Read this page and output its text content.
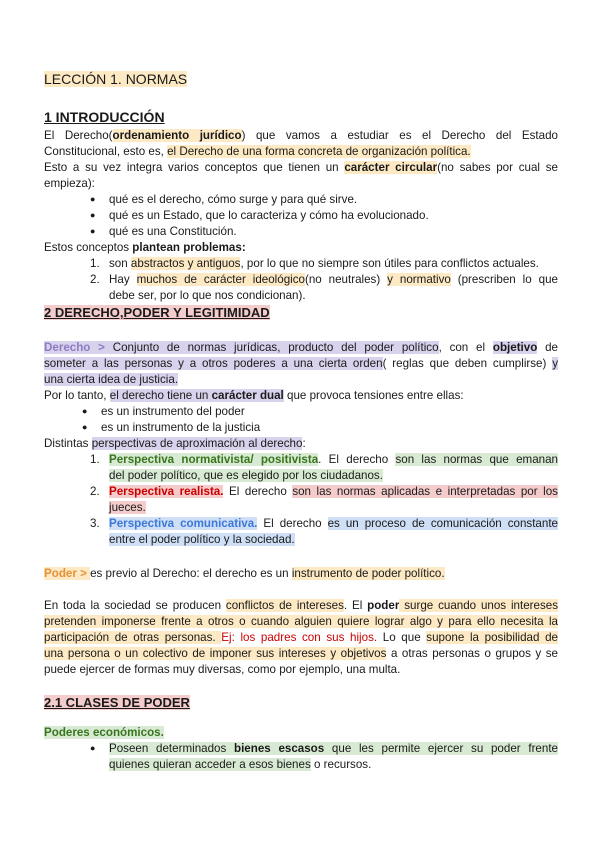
LECCIÓN 1. NORMAS
1 INTRODUCCIÓN
El Derecho(ordenamiento jurídico) que vamos a estudiar es el Derecho del Estado
Constitucional, esto es, el Derecho de una forma concreta de organización política.
Esto a su vez integra varios conceptos que tienen un carácter circular(no sabes por cual se
empieza):
● qué es el derecho, cómo surge y para qué sirve.
● qué es un Estado, que lo caracteriza y cómo ha evolucionado.
● qué es una Constitución.
Estos conceptos plantean problemas:
1. son abstractos y antiguos, por lo que no siempre son útiles para conflictos actuales.
2. Hay muchos de carácter ideológico(no neutrales) y normativo (prescriben lo que
debe ser, por lo que nos condicionan).
2 DERECHO,PODER Y LEGITIMIDAD
Derecho > Conjunto de normas jurídicas, producto del poder político, con el objetivo de
someter a las personas y a otros poderes a una cierta orden( reglas que deben cumplirse) y
una cierta idea de justicia.
Por lo tanto, el derecho tiene un carácter dual que provoca tensiones entre ellas:
● es un instrumento del poder
● es un instrumento de la justicia
Distintas perspectivas de aproximación al derecho:
1. Perspectiva normativista/ positivista. El derecho son las normas que emanan
del poder político, que es elegido por los ciudadanos.
2. Perspectiva realista. El derecho son las normas aplicadas e interpretadas por los
jueces.
3. Perspectiva comunicativa. El derecho es un proceso de comunicación constante
entre el poder político y la sociedad.
Poder > es previo al Derecho: el derecho es un instrumento de poder político.
En toda la sociedad se producen conflictos de intereses. El poder surge cuando unos intereses
pretenden imponerse frente a otros o cuando alguien quiere lograr algo y para ello necesita la
participación de otras personas. Ej: los padres con sus hijos. Lo que supone la posibilidad de
una persona o un colectivo de imponer sus intereses y objetivos a otras personas o grupos y se
puede ejercer de formas muy diversas, como por ejemplo, una multa.
2.1 CLASES DE PODER
Poderes económicos.
● Poseen determinados bienes escasos que les permite ejercer su poder frente
quienes quieran acceder a esos bienes o recursos.
